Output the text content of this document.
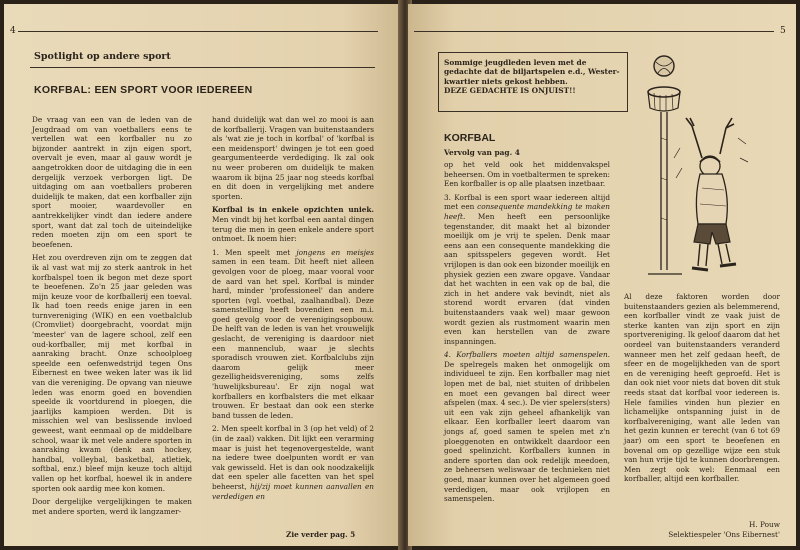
4
Spotlight op andere sport
KORFBAL: EEN SPORT VOOR IEDEREEN

De vraag van een van de leden van de Jeugdraad om van voetballers eens te vertellen wat een korfballer nu zo bijzonder aantrekt in zijn eigen sport, overvalt je even, maar al gauw wordt je aangetrokken door de uitdaging die in een dergelijk verzoek verborgen ligt. De uitdaging om aan voetballers proberen duidelijk te maken, dat een korfballer zijn sport mooier, waardevoller en aantrekkelijker vindt dan iedere andere sport, want dat zal toch de uiteindelijke reden moeten zijn om een sport te beoefenen.

Het zou overdreven zijn om te zeggen dat ik al vast wat mij zo sterk aantrok in het korfbalspel toen ik begon met deze sport te beoefenen. Zo'n 25 jaar geleden was mijn keuze voor de korfballerij een toeval. Ik had toen reeds enige jaren in een turnvereniging (WIK) en een voetbalclub (Cromvliet) doorgebracht, voordat mijn 'meester' van de lagere school, zelf een oud-korfballer, mij met korfbal in aanraking bracht. Onze schoolploeg speelde een oefenwedstrijd tegen Ons Eibernest en twee weken later was ik lid van die vereniging. De opvang van nieuwe leden was enorm goed en bovendien speelde ik voortdurend in ploegen, die jaarlijks kampioen werden. Dit is misschien wel van beslissende invloed geweest, want eenmaal op de middelbare school, waar ik met vele andere sporten in aanraking kwam (denk aan hockey, handbal, volleybal, basketbal, atletiek, softbal, enz.) bleef mijn keuze toch altijd vallen op het korfbal, hoewel ik in andere sporten ook aardig mee kon komen.

Door dergelijke vergelijkingen te maken met andere sporten, werd ik langzamer-

hand duidelijk wat dan wel zo mooi is aan de korfballerij. Vragen van buitenstaanders als 'wat zie je toch in korfbal' of 'korfbal is een meidensport' dwingen je tot een goed geargumenteerde verdediging. Ik zal ook nu weer proberen om duidelijk te maken waarom ik bijna 25 jaar nog steeds korfbal en dit doen in vergelijking met andere sporten.

Korfbal is in enkele opzichten uniek. Men vindt bij het korfbal een aantal dingen terug die men in geen enkele andere sport ontmoet. Ik noem hier:

1. Men speelt met jongens en meisjes samen in een team. Dit heeft niet alleen gevolgen voor de ploeg, maar vooral voor de aard van het spel. Korfbal is minder hard, minder 'professioneel' dan andere sporten (vgl. voetbal, zaalhandbal). Deze samenstelling heeft bovendien een m.i. goed gevolg voor de verenigingsopbouw. De helft van de leden is van het vrouwelijk geslacht, de vereniging is daardoor niet een mannenclub, waar je slechts sporadisch vrouwen ziet. Korfbalclubs zijn daarom gelijk meer gezelligheidsvereniging, soms zelfs 'huwelijksbureau'. Er zijn nogal wat korfballers en korfbalsters die met elkaar trouwen. Er bestaat dan ook een sterke band tussen de leden.

2. Men speelt korfbal in 3 (op het veld) of 2 (in de zaal) vakken. Dit lijkt een verarming maar is juist het tegenovergestelde, want na iedere twee doelpunten wordt er van vak gewisseld. Het is dan ook noodzakelijk dat een speler alle facetten van het spel beheerst, hij/zij moet kunnen aanvallen en verdedigen en

Zie verder pag. 5
5

Sommige jeugdleden leven met de

gedachte dat de biljartspelen e.d., Wester-

kwartier niets gekost hebben.

DEZE GEDACHTE IS ONJUIST!!

KORFBAL
Vervolg van pag. 4

op het veld ook het middenvakspel beheersen. Om in voetbaltermen te spreken: Een korfballer is op alle plaatsen inzetbaar.

3. Korfbal is een sport waar iedereen altijd met een consequente mandekking te maken heeft. Men heeft een persoonlijke tegenstander, dit maakt het al bizonder moeilijk om je vrij te spelen. Denk maar eens aan een consequente mandekking die aan spitsspelers gegeven wordt. Het vrijlopen is dan ook een bizonder moeilijk en physiek gezien een zware opgave. Vandaar dat het wachten in een vak op de bal, die zich in het andere vak bevindt, niet als storend wordt ervaren (dat vinden buitenstaanders vaak wel) maar gewoon wordt gezien als rustmoment waarin men even kan herstellen van de zware inspanningen.

4. Korfballers moeten altijd samenspelen. De spelregels maken het onmogelijk om individueel te zijn. Een korfballer mag niet lopen met de bal, niet stuiten of dribbelen en moet een gevangen bal direct weer afspelen (max. 4 sec.). De vier spelers(sters) uit een vak zijn geheel afhankelijk van elkaar. Een korfballer leert daarom van jongs af, goed samen te spelen met z'n ploeggenoten en ontwikkelt daardoor een goed spelinzicht. Korfballers kunnen in andere sporten dan ook redelijk meedoen, ze beheersen weliswaar de technieken niet goed, maar kunnen over het algemeen goed verdedigen, maar ook vrijlopen en samenspelen.

Al deze faktoren worden door buitenstaanders gezien als belemmerend, een korfballer vindt ze vaak juist de sterke kanten van zijn sport en zijn sportvereniging. Ik geloof daarom dat het oordeel van buitenstaanders veranderd wanneer men het zelf gedaan heeft, de sfeer en de mogelijkheden van de sport en de vereniging heeft geproefd. Het is dan ook niet voor niets dat boven dit stuk reeds staat dat korfbal voor iedereen is. Hele families vinden hun plezier en lichamelijke ontspanning juist in de korfbalvereniging, want alle leden van het gezin kunnen er terecht (van 6 tot 69 jaar) om een sport te beoefenen en bovenal om op gezellige wijze een stuk van hun vrije tijd te kunnen doorbrengen. Men zegt ook wel: Eenmaal een korfballer, altijd een korfballer.

H. Pouw
Selektiespeler 'Ons Eibernest'
